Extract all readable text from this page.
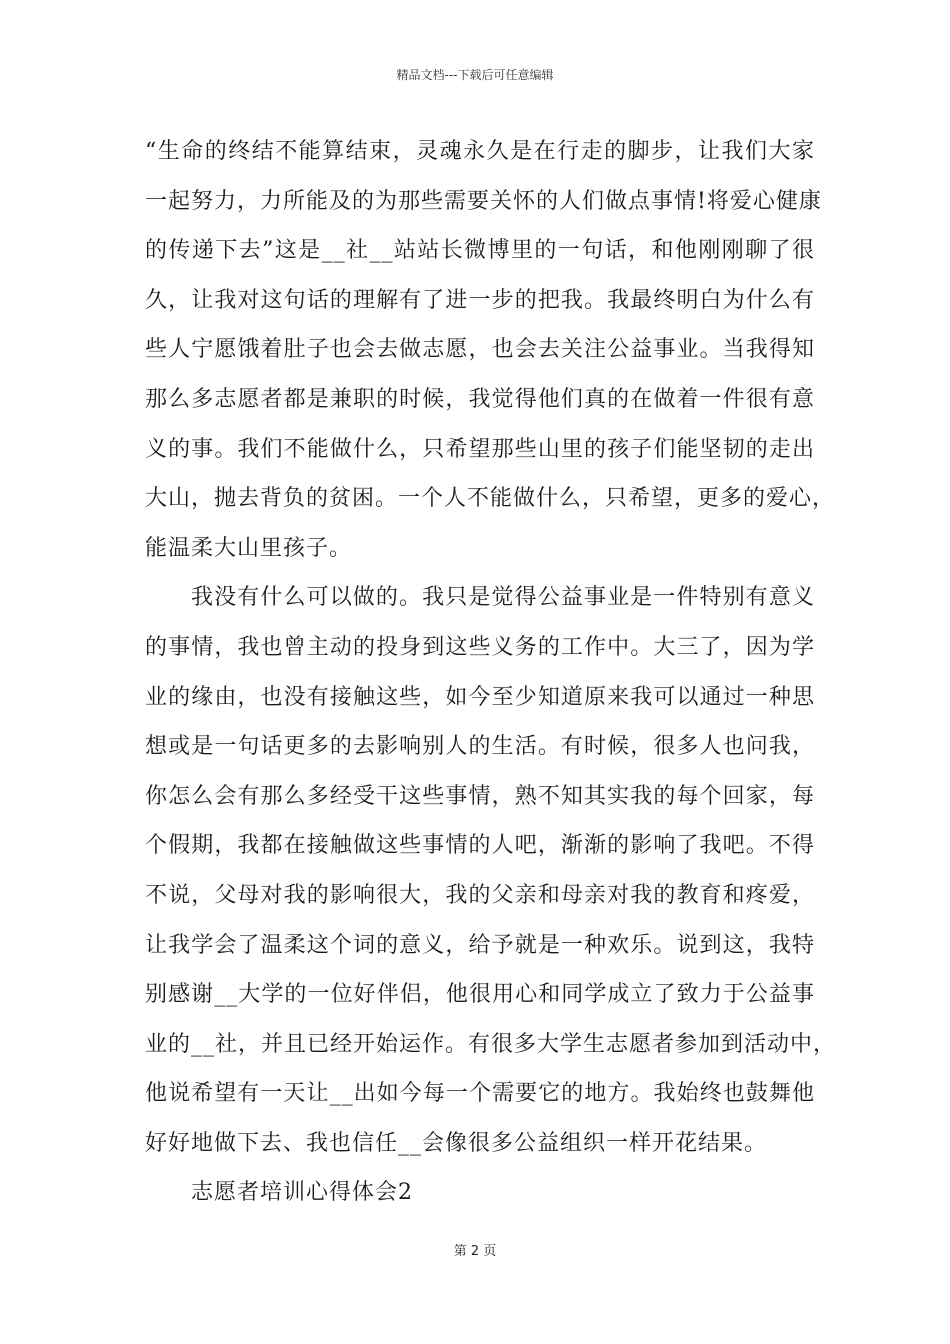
精品文档---下载后可任意编辑
“生命的终结不能算结束，灵魂永久是在行走的脚步，让我们大家
一起努力，力所能及的为那些需要关怀的人们做点事情!将爱心健康
的传递下去”这是__社__站站长微博里的一句话，和他刚刚聊了很
久，让我对这句话的理解有了进一步的把我。我最终明白为什么有
些人宁愿饿着肚子也会去做志愿，也会去关注公益事业。当我得知
那么多志愿者都是兼职的时候，我觉得他们真的在做着一件很有意
义的事。我们不能做什么，只希望那些山里的孩子们能坚韧的走出
大山，抛去背负的贫困。一个人不能做什么，只希望，更多的爱心，
能温柔大山里孩子。
我没有什么可以做的。我只是觉得公益事业是一件特别有意义
的事情，我也曾主动的投身到这些义务的工作中。大三了，因为学
业的缘由，也没有接触这些，如今至少知道原来我可以通过一种思
想或是一句话更多的去影响别人的生活。有时候，很多人也问我，
你怎么会有那么多经受干这些事情，熟不知其实我的每个回家，每
个假期，我都在接触做这些事情的人吧，渐渐的影响了我吧。不得
不说，父母对我的影响很大，我的父亲和母亲对我的教育和疼爱，
让我学会了温柔这个词的意义，给予就是一种欢乐。说到这，我特
别感谢__大学的一位好伴侣，他很用心和同学成立了致力于公益事
业的__社，并且已经开始运作。有很多大学生志愿者参加到活动中，
他说希望有一天让__出如今每一个需要它的地方。我始终也鼓舞他
好好地做下去、我也信任__会像很多公益组织一样开花结果。
志愿者培训心得体会2
第 2 页
